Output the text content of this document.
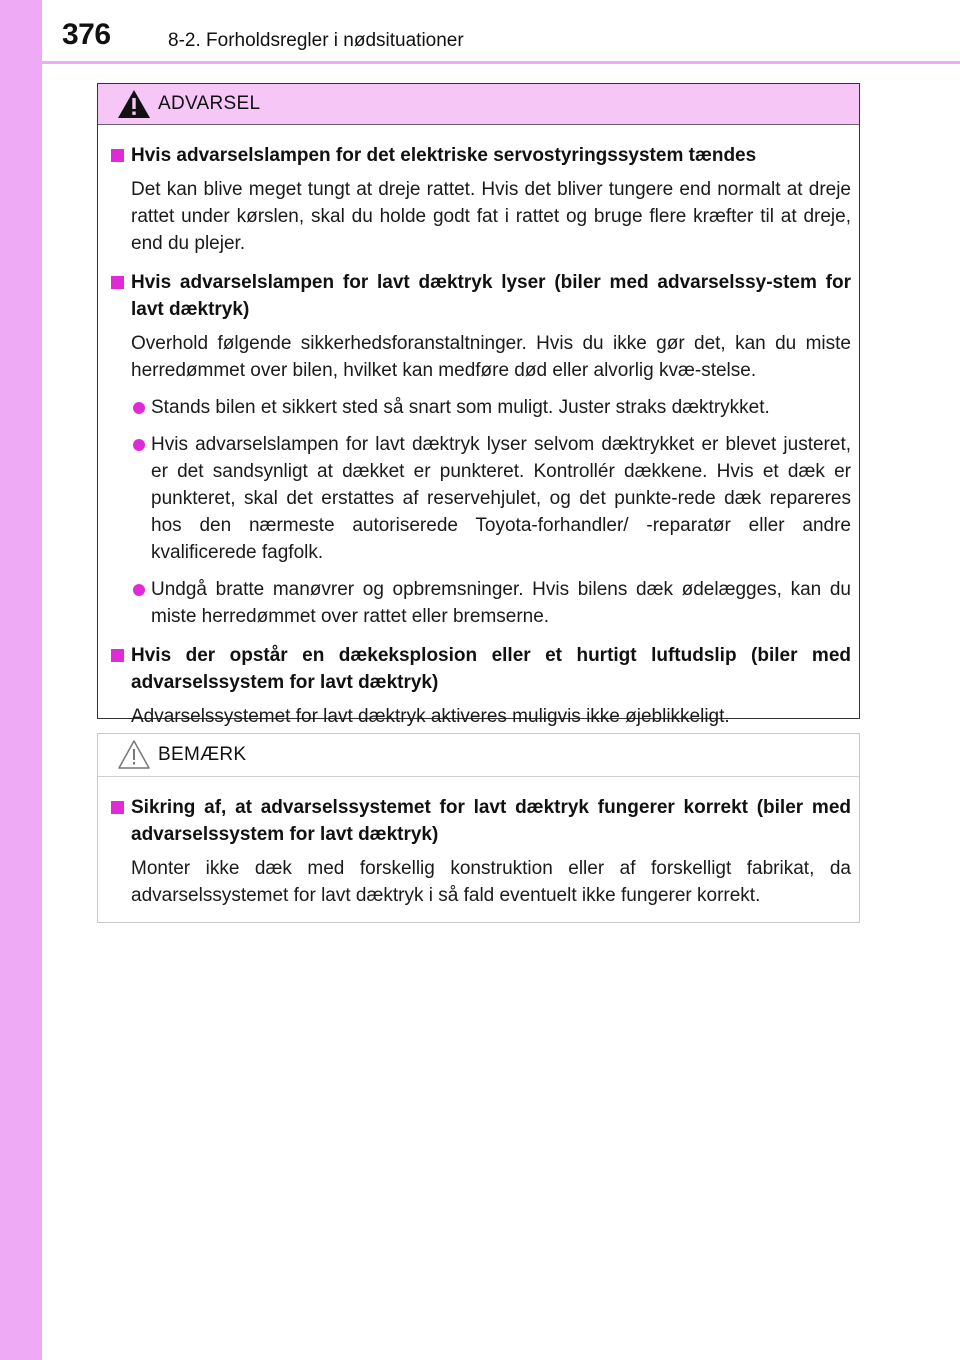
376	8-2. Forholdsregler i nødsituationer
ADVARSEL
Hvis advarselslampen for det elektriske servostyringssystem tændes
Det kan blive meget tungt at dreje rattet. Hvis det bliver tungere end normalt at dreje rattet under kørslen, skal du holde godt fat i rattet og bruge flere kræfter til at dreje, end du plejer.
Hvis advarselslampen for lavt dæktryk lyser (biler med advarselssy-stem for lavt dæktryk)
Overhold følgende sikkerhedsforanstaltninger. Hvis du ikke gør det, kan du miste herredømmet over bilen, hvilket kan medføre død eller alvorlig kvæ-stelse.
Stands bilen et sikkert sted så snart som muligt. Juster straks dæktrykket.
Hvis advarselslampen for lavt dæktryk lyser selvom dæktrykket er blevet justeret, er det sandsynligt at dækket er punkteret. Kontrollér dækkene. Hvis et dæk er punkteret, skal det erstattes af reservehjulet, og det punkte-rede dæk repareres hos den nærmeste autoriserede Toyota-forhandler/ -reparatør eller andre kvalificerede fagfolk.
Undgå bratte manøvrer og opbremsninger. Hvis bilens dæk ødelægges, kan du miste herredømmet over rattet eller bremserne.
Hvis der opstår en dækeksplosion eller et hurtigt luftudslip (biler med advarselssystem for lavt dæktryk)
Advarselssystemet for lavt dæktryk aktiveres muligvis ikke øjeblikkeligt.
BEMÆRK
Sikring af, at advarselssystemet for lavt dæktryk fungerer korrekt (biler med advarselssystem for lavt dæktryk)
Monter ikke dæk med forskellig konstruktion eller af forskelligt fabrikat, da advarselssystemet for lavt dæktryk i så fald eventuelt ikke fungerer korrekt.
